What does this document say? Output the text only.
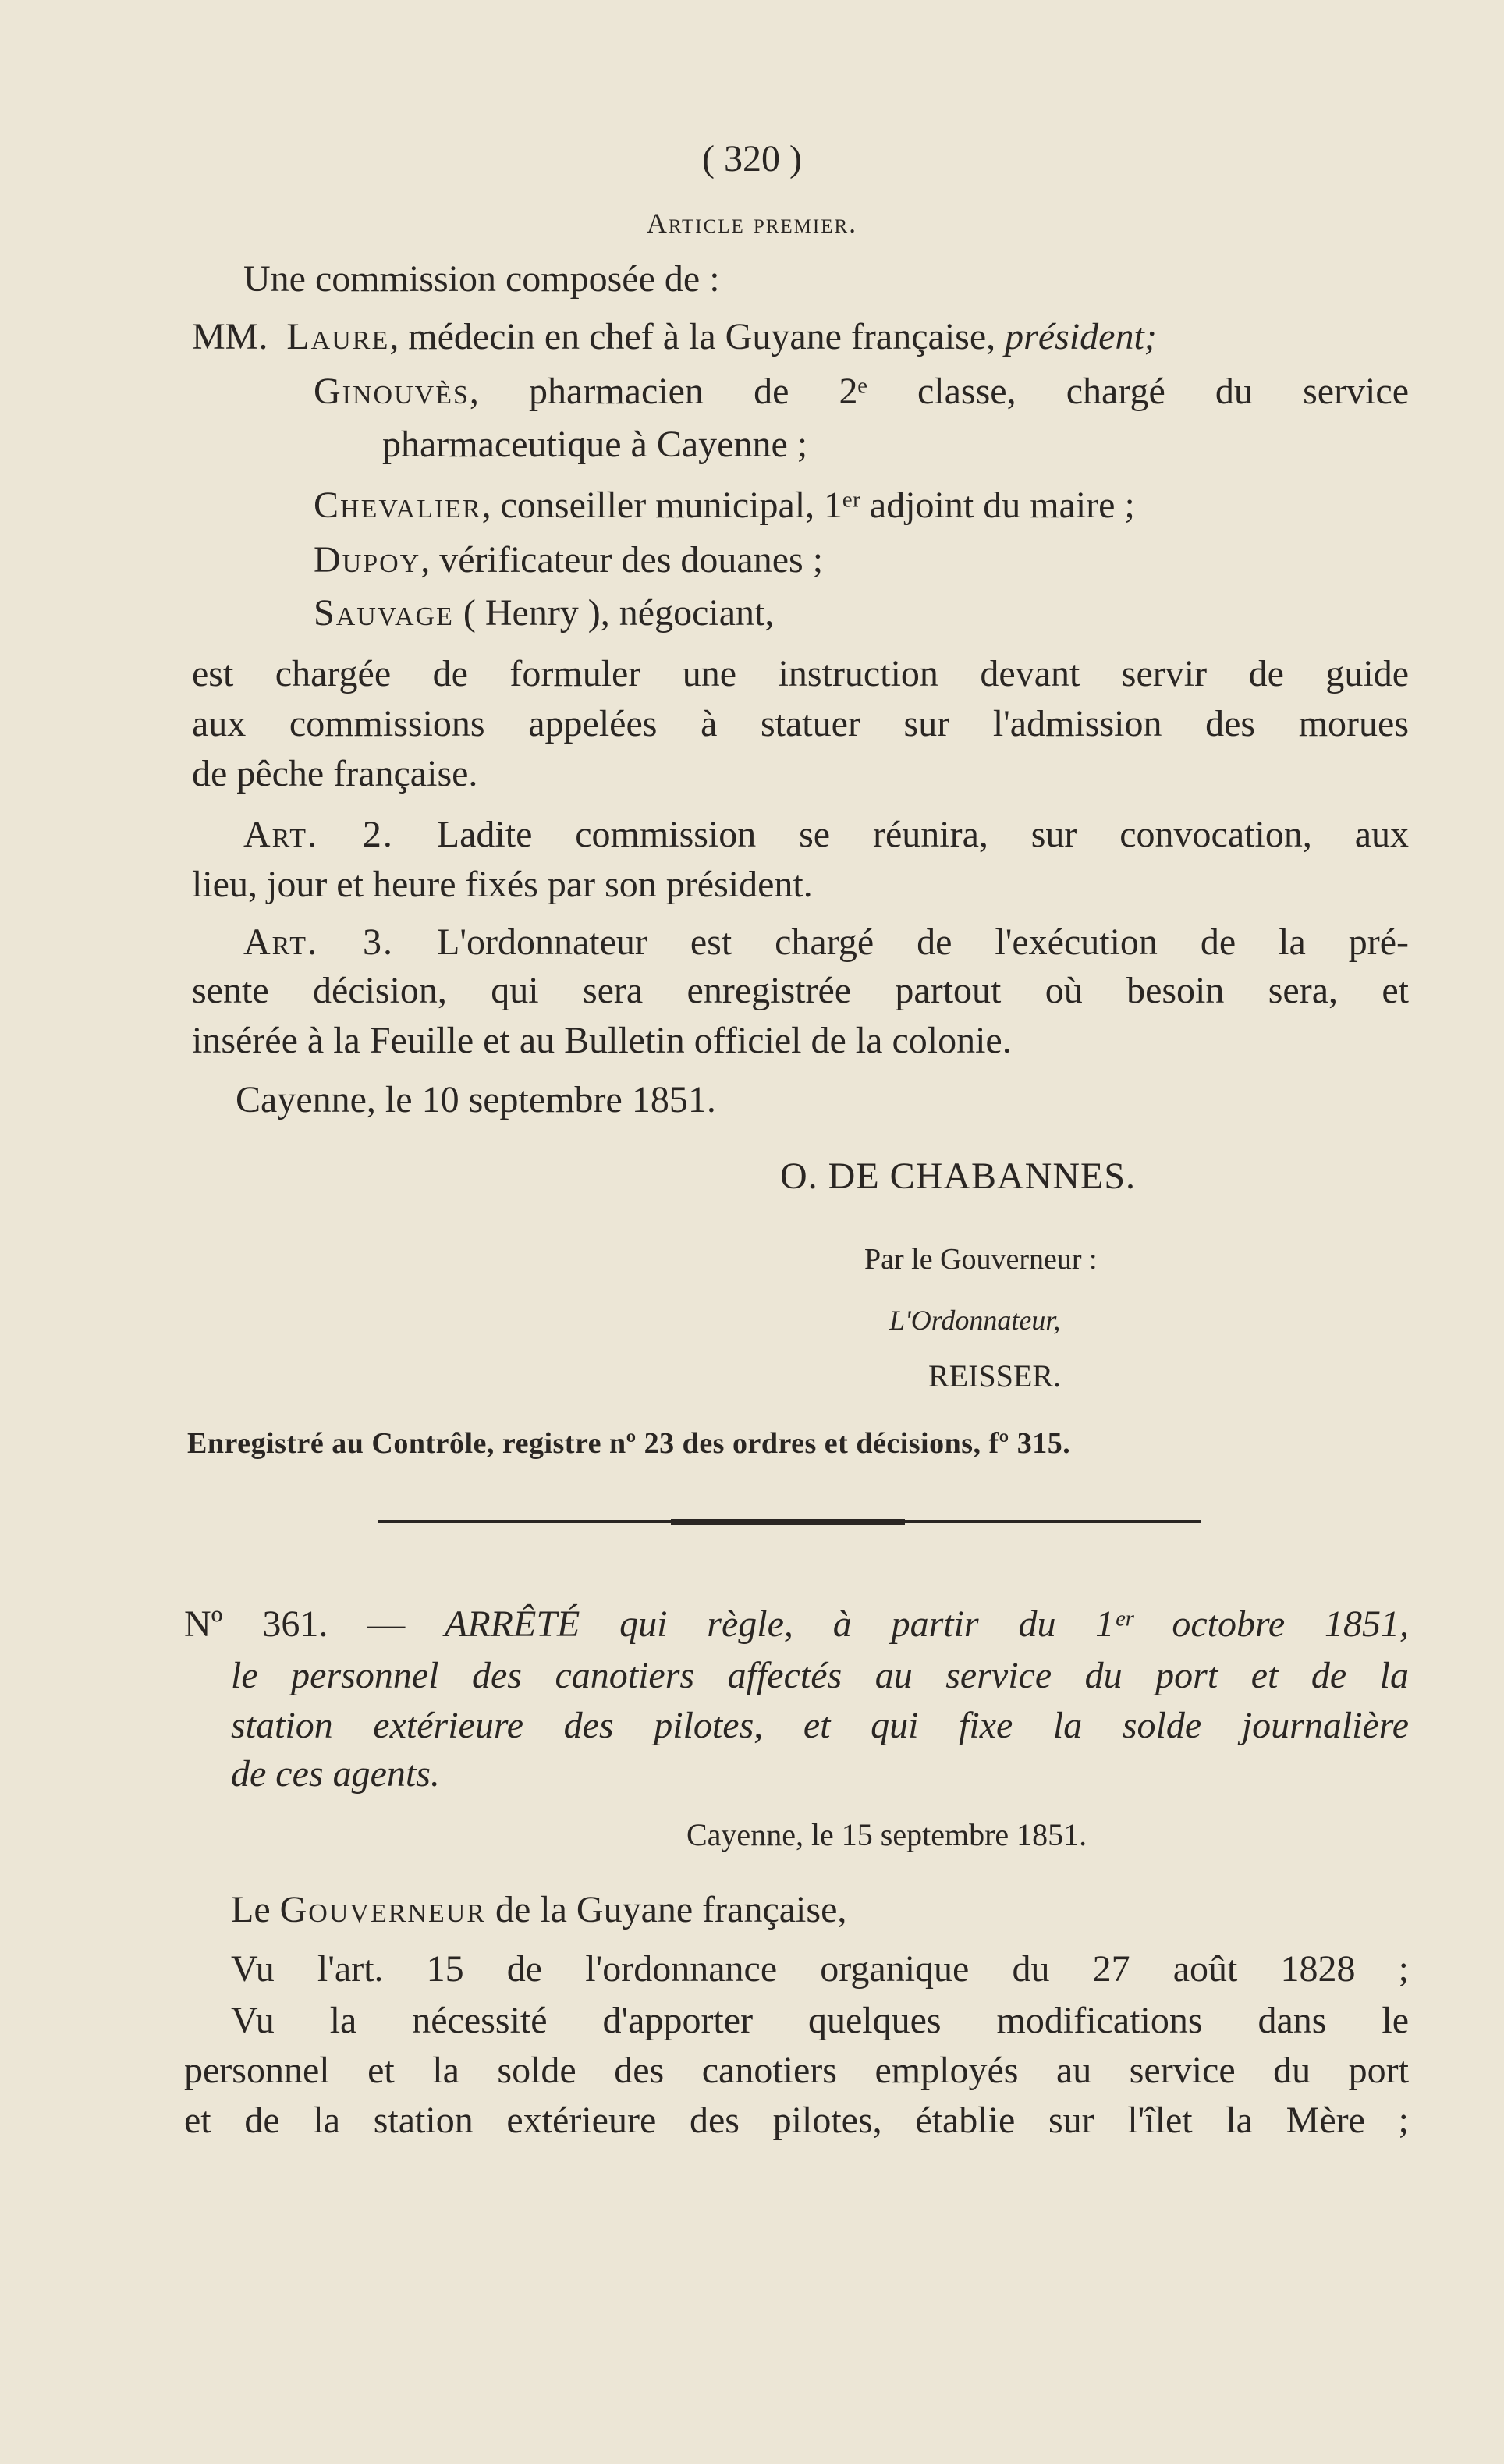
( 320 )
Article premier.
Une commission composée de :
MM. Laure, médecin en chef à la Guyane française, président;
Ginouvès, pharmacien de 2ᵉ classe, chargé du service
pharmaceutique à Cayenne ;
Chevalier, conseiller municipal, 1ᵉʳ adjoint du maire ;
Dupoy, vérificateur des douanes ;
Sauvage ( Henry ), négociant,
est chargée de formuler une instruction devant servir de guide
aux commissions appelées à statuer sur l'admission des morues
de pêche française.
Art. 2. Ladite commission se réunira, sur convocation, aux
lieu, jour et heure fixés par son président.
Art. 3. L'ordonnateur est chargé de l'exécution de la pré-
sente décision, qui sera enregistrée partout où besoin sera, et
insérée à la Feuille et au Bulletin officiel de la colonie.
Cayenne, le 10 septembre 1851.
O. DE CHABANNES.
Par le Gouverneur :
L'Ordonnateur,
REISSER.
Enregistré au Contrôle, registre nº 23 des ordres et décisions, fº 315.
Nº 361. — ARRÊTÉ qui règle, à partir du 1ᵉʳ octobre 1851,
le personnel des canotiers affectés au service du port et de la
station extérieure des pilotes, et qui fixe la solde journalière
de ces agents.
Cayenne, le 15 septembre 1851.
Le Gouverneur de la Guyane française,
Vu l'art. 15 de l'ordonnance organique du 27 août 1828 ;
Vu la nécessité d'apporter quelques modifications dans le
personnel et la solde des canotiers employés au service du port
et de la station extérieure des pilotes, établie sur l'îlet la Mère ;
